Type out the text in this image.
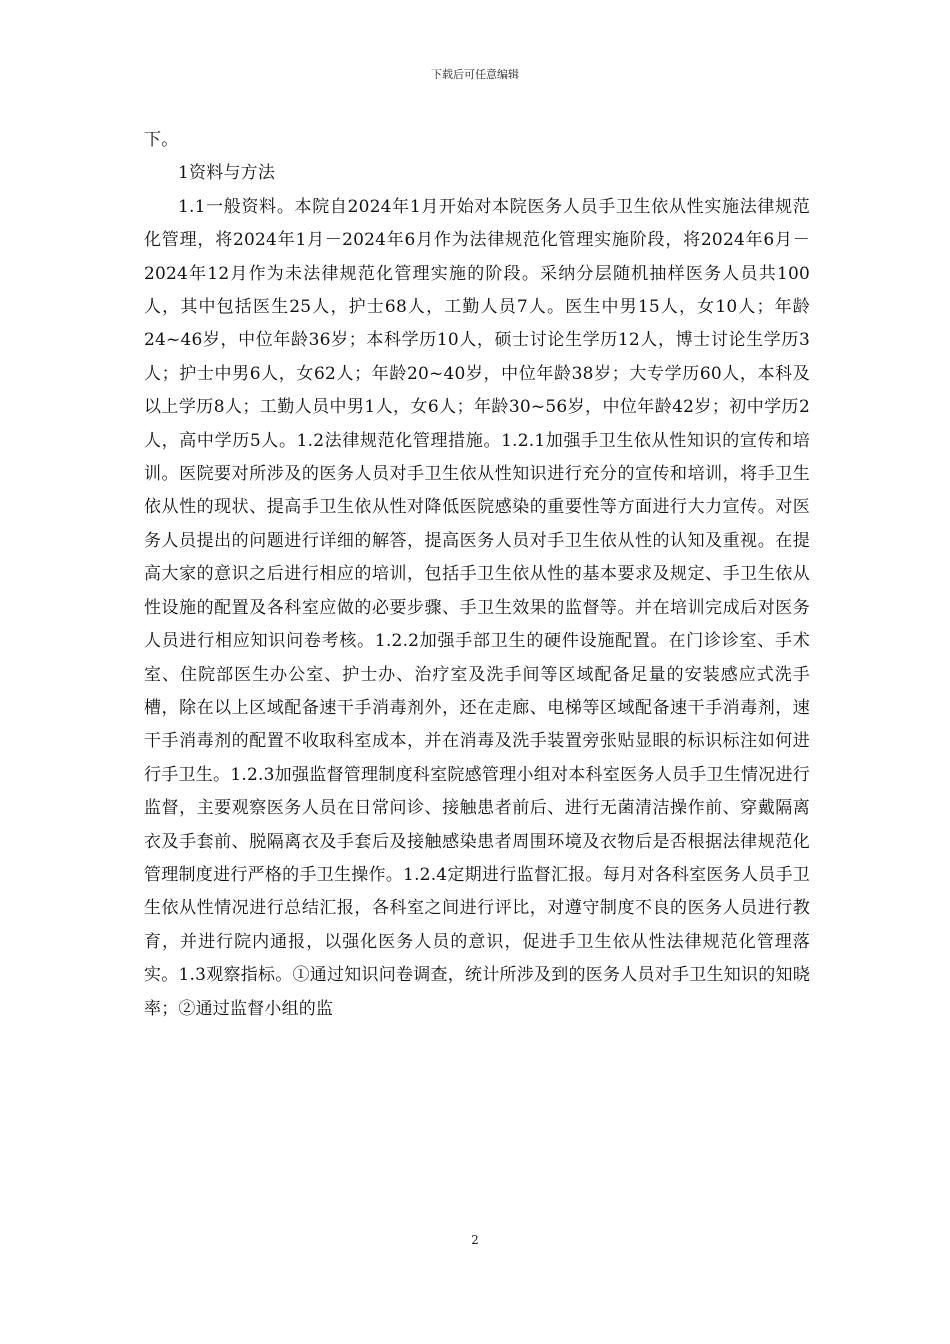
下载后可任意编辑

下。

1资料与方法

1.1一般资料。本院自2024年1月开始对本院医务人员手卫生依从性实施法律规范化管理，将2024年1月－2024年6月作为法律规范化管理实施阶段，将2024年6月－2024年12月作为未法律规范化管理实施的阶段。采纳分层随机抽样医务人员共100人，其中包括医生25人，护士68人，工勤人员7人。医生中男15人，女10人；年龄24~46岁，中位年龄36岁；本科学历10人，硕士讨论生学历12人，博士讨论生学历3人；护士中男6人，女62人；年龄20~40岁，中位年龄38岁；大专学历60人，本科及以上学历8人；工勤人员中男1人，女6人；年龄30~56岁，中位年龄42岁；初中学历2人，高中学历5人。1.2法律规范化管理措施。1.2.1加强手卫生依从性知识的宣传和培训。医院要对所涉及的医务人员对手卫生依从性知识进行充分的宣传和培训，将手卫生依从性的现状、提高手卫生依从性对降低医院感染的重要性等方面进行大力宣传。对医务人员提出的问题进行详细的解答，提高医务人员对手卫生依从性的认知及重视。在提高大家的意识之后进行相应的培训，包括手卫生依从性的基本要求及规定、手卫生依从性设施的配置及各科室应做的必要步骤、手卫生效果的监督等。并在培训完成后对医务人员进行相应知识问卷考核。1.2.2加强手部卫生的硬件设施配置。在门诊诊室、手术室、住院部医生办公室、护士办、治疗室及洗手间等区域配备足量的安装感应式洗手槽，除在以上区域配备速干手消毒剂外，还在走廊、电梯等区域配备速干手消毒剂，速干手消毒剂的配置不收取科室成本，并在消毒及洗手装置旁张贴显眼的标识标注如何进行手卫生。1.2.3加强监督管理制度科室院感管理小组对本科室医务人员手卫生情况进行监督，主要观察医务人员在日常问诊、接触患者前后、进行无菌清洁操作前、穿戴隔离衣及手套前、脱隔离衣及手套后及接触感染患者周围环境及衣物后是否根据法律规范化管理制度进行严格的手卫生操作。1.2.4定期进行监督汇报。每月对各科室医务人员手卫生依从性情况进行总结汇报，各科室之间进行评比，对遵守制度不良的医务人员进行教育，并进行院内通报，以强化医务人员的意识，促进手卫生依从性法律规范化管理落实。1.3观察指标。①通过知识问卷调查，统计所涉及到的医务人员对手卫生知识的知晓率；②通过监督小组的监

2
